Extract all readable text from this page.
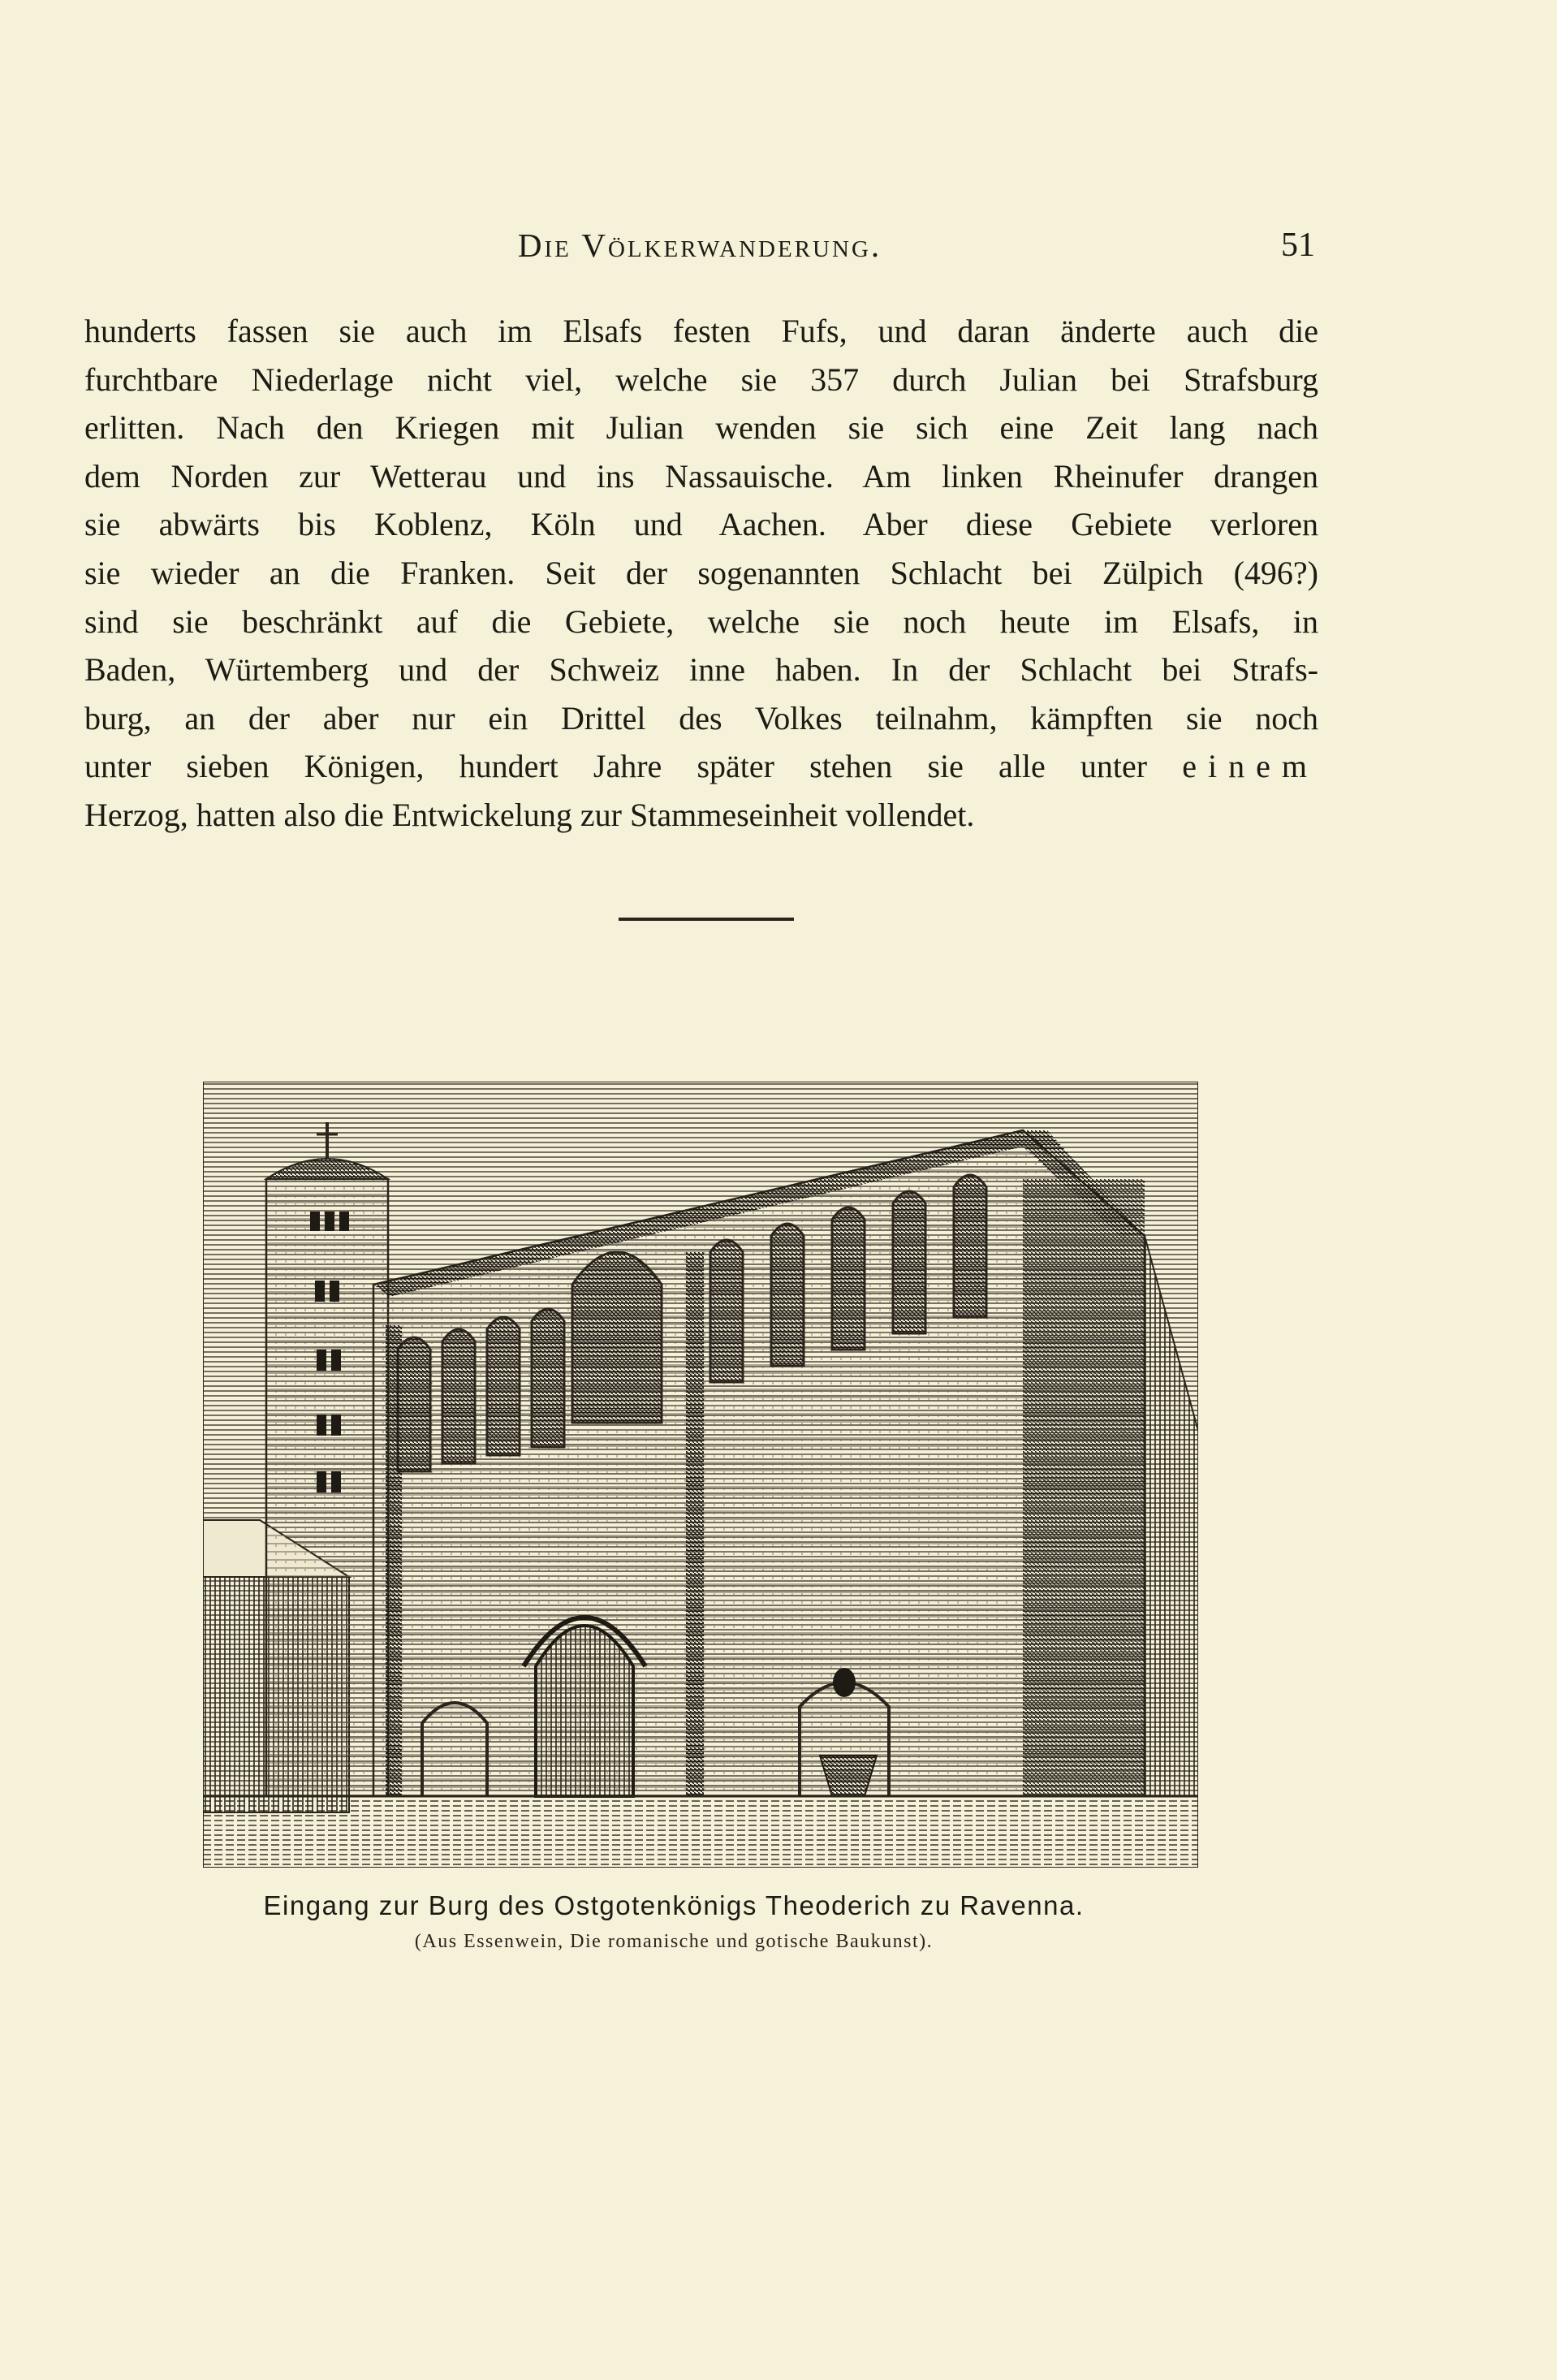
Die Völkerwanderung.	51
hunderts fassen sie auch im Elsafs festen Fufs, und daran änderte auch die
furchtbare Niederlage nicht viel, welche sie 357 durch Julian bei Strafsburg
erlitten. Nach den Kriegen mit Julian wenden sie sich eine Zeit lang nach
dem Norden zur Wetterau und ins Nassauische. Am linken Rheinufer drangen
sie abwärts bis Koblenz, Köln und Aachen. Aber diese Gebiete verloren
sie wieder an die Franken. Seit der sogenannten Schlacht bei Zülpich (496?)
sind sie beschränkt auf die Gebiete, welche sie noch heute im Elsafs, in
Baden, Würtemberg und der Schweiz inne haben. In der Schlacht bei Strafs-
burg, an der aber nur ein Drittel des Volkes teilnahm, kämpften sie noch
unter sieben Königen, hundert Jahre später stehen sie alle unter einem
Herzog, hatten also die Entwickelung zur Stammeseinheit vollendet.
Eingang zur Burg des Ostgotenkönigs Theoderich zu Ravenna.
(Aus Essenwein, Die romanische und gotische Baukunst).
